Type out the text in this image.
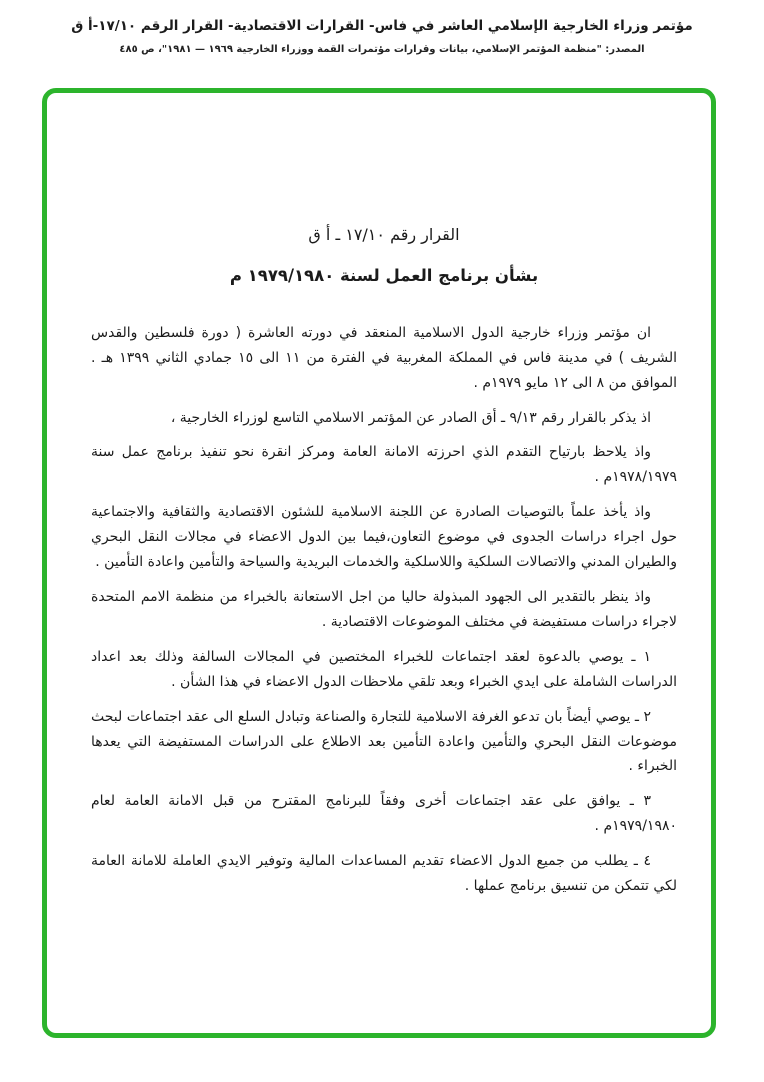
مؤتمر وزراء الخارجية الإسلامي العاشر في فاس- القرارات الاقتصادية- القرار الرقم ١٧/١٠-أ ق
المصدر: "منظمة المؤتمر الإسلامي، بيانات وقرارات مؤتمرات القمة ووزراء الخارجية ١٩٦٩ — ١٩٨١"، ص ٤٨٥
القرار رقم ١٧/١٠ ـ أ ق
بشأن برنامج العمل لسنة ١٩٧٩/١٩٨٠ م

ان مؤتمر وزراء خارجية الدول الاسلامية المنعقد في دورته العاشرة ( دورة فلسطين والقدس الشريف ) في مدينة فاس في المملكة المغربية في الفترة من ١١ الى ١٥ جمادي الثاني ١٣٩٩ هـ . الموافق من ٨ الى ١٢ مايو ١٩٧٩م .

اذ يذكر بالقرار رقم ٩/١٣ ـ أق الصادر عن المؤتمر الاسلامي التاسع لوزراء الخارجية ،

واذ يلاحظ بارتياح التقدم الذي احرزته الامانة العامة ومركز انقرة نحو تنفيذ برنامج عمل سنة ١٩٧٨/١٩٧٩م .

واذ يأخذ علماً بالتوصيات الصادرة عن اللجنة الاسلامية للشئون الاقتصادية والثقافية والاجتماعية حول اجراء دراسات الجدوى في موضوع التعاون،فيما بين الدول الاعضاء في مجالات النقل البحري والطيران المدني والاتصالات السلكية واللاسلكية والخدمات البريدية والسياحة والتأمين واعادة التأمين .

واذ ينظر بالتقدير الى الجهود المبذولة حاليا من اجل الاستعانة بالخبراء من منظمة الامم المتحدة لاجراء دراسات مستفيضة في مختلف الموضوعات الاقتصادية .

١ ـ يوصي بالدعوة لعقد اجتماعات للخبراء المختصين في المجالات السالفة وذلك بعد اعداد الدراسات الشاملة على ايدي الخبراء وبعد تلقي ملاحظات الدول الاعضاء في هذا الشأن .

٢ ـ يوصي أيضاً بان تدعو الغرفة الاسلامية للتجارة والصناعة وتبادل السلع الى عقد اجتماعات لبحث موضوعات النقل البحري والتأمين واعادة التأمين بعد الاطلاع على الدراسات المستفيضة التي يعدها الخبراء .

٣ ـ يوافق على عقد اجتماعات أخرى وفقاً للبرنامج المقترح من قبل الامانة العامة لعام ١٩٧٩/١٩٨٠م .

٤ ـ يطلب من جميع الدول الاعضاء تقديم المساعدات المالية وتوفير الايدي العاملة للامانة العامة لكي تتمكن من تنسيق برنامج عملها .
